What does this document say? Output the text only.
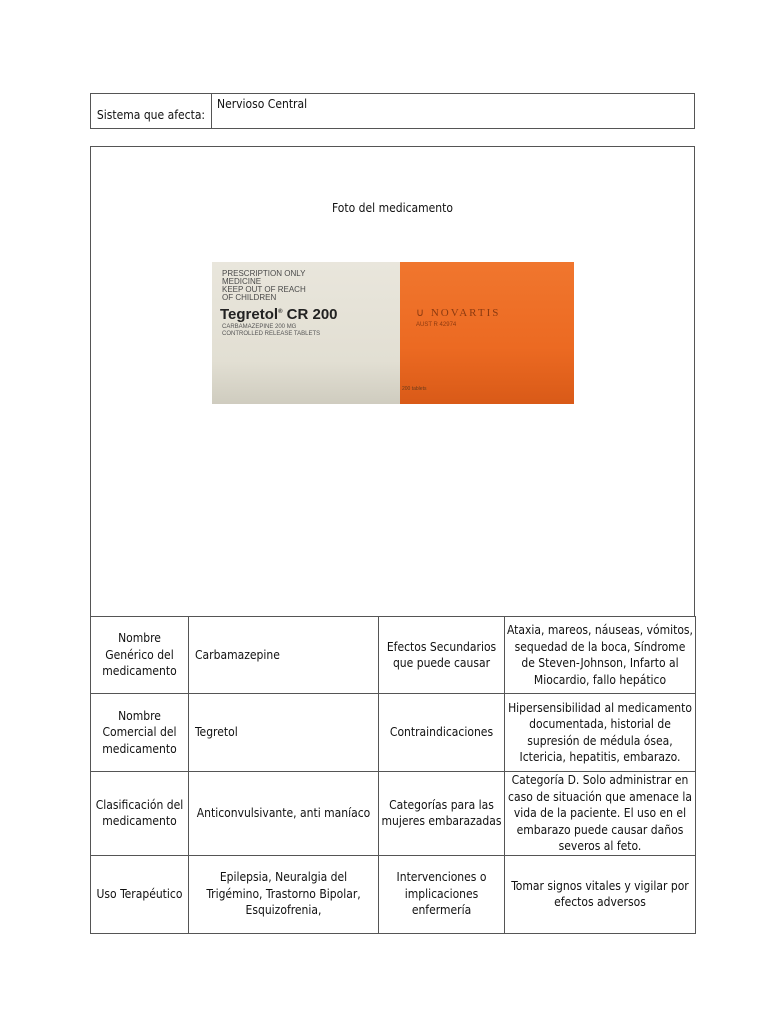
Sistema que afecta:
Nervioso Central
Foto del medicamento
PRESCRIPTION ONLY
MEDICINE
KEEP OUT OF REACH
OF CHILDREN
Tegretol® CR 200
CARBAMAZEPINE 200 MG
CONTROLLED RELEASE TABLETS
∪ NOVARTIS
AUST R 42974
200 tablets
Nombre Genérico del medicamento	Carbamazepine	Efectos Secundarios que puede causar	Ataxia, mareos, náuseas, vómitos, sequedad de la boca, Síndrome de Steven-Johnson, Infarto al Miocardio, fallo hepático
Nombre Comercial del medicamento	Tegretol	Contraindicaciones	Hipersensibilidad al medicamento documentada, historial de supresión de médula ósea, Ictericia, hepatitis, embarazo.
Clasificación del medicamento	Anticonvulsivante, anti maníaco	Categorías para las mujeres embarazadas	Categoría D. Solo administrar en caso de situación que amenace la vida de la paciente. El uso en el embarazo puede causar daños severos al feto.
Uso Terapéutico	Epilepsia, Neuralgia del Trigémino, Trastorno Bipolar, Esquizofrenia,	Intervenciones o implicaciones enfermería	Tomar signos vitales y vigilar por efectos adversos
